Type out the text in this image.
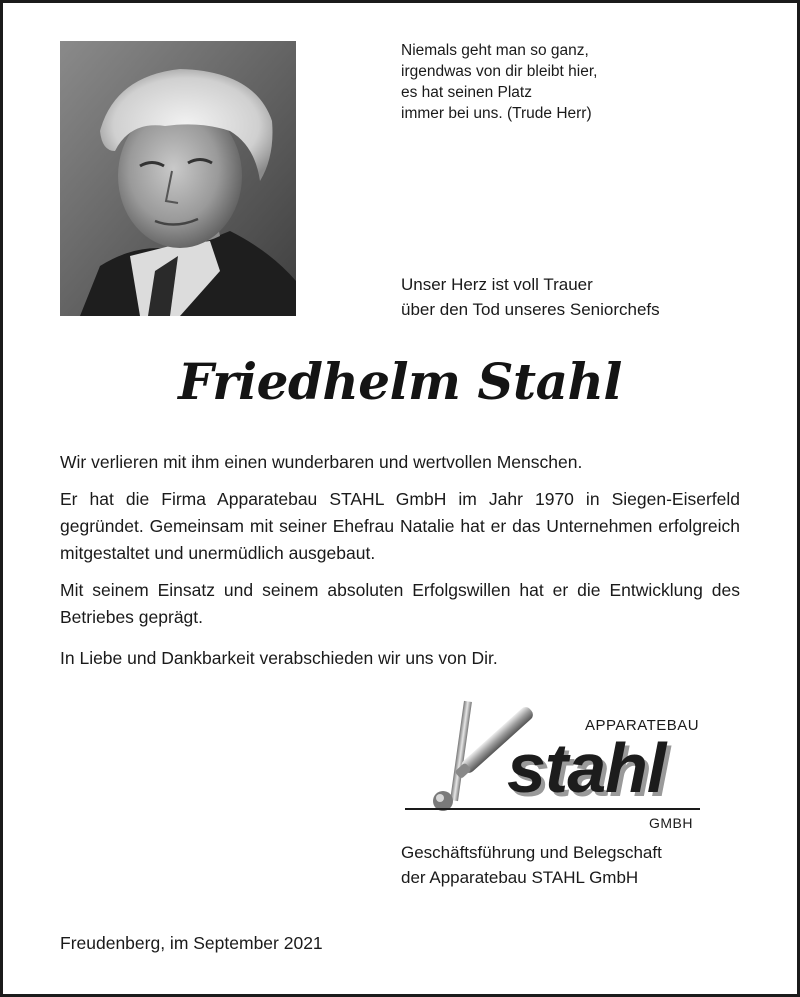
Niemals geht man so ganz,
irgendwas von dir bleibt hier,
es hat seinen Platz
immer bei uns. (Trude Herr)
Unser Herz ist voll Trauer
über den Tod unseres Seniorchefs
Friedhelm Stahl

Wir verlieren mit ihm einen wunderbaren und wertvollen Menschen.

Er hat die Firma Apparatebau STAHL GmbH im Jahr 1970 in Siegen-Eiserfeld gegründet. Gemeinsam mit seiner Ehefrau Natalie hat er das Unternehmen erfolgreich mitgestaltet und unermüdlich ausgebaut.

Mit seinem Einsatz und seinem absoluten Erfolgswillen hat er die Entwicklung des Betriebes geprägt.

In Liebe und Dankbarkeit verabschieden wir uns von Dir.

APPARATEBAU
stahl
GMBH
Geschäftsführung und Belegschaft
der Apparatebau STAHL GmbH
Freudenberg, im September 2021
